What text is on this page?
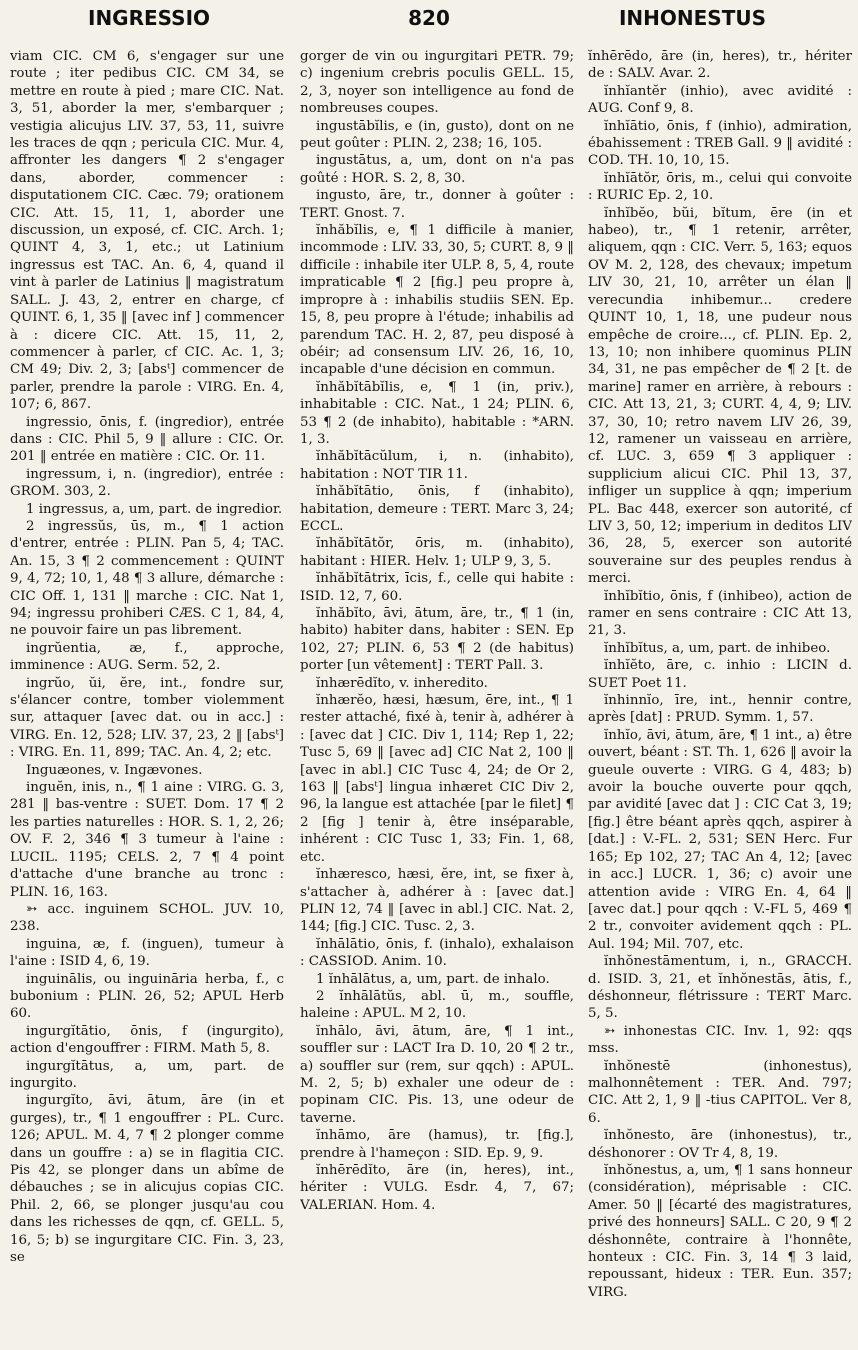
INGRESSIO	820	INHONESTUS

viam CIC. CM 6, s'engager sur une route ; iter pedibus CIC. CM 34, se mettre en route à pied ; mare CIC. Nat. 3, 51, aborder la mer, s'embarquer ; vestigia alicujus LIV. 37, 53, 11, suivre les traces de qqn ; pericula CIC. Mur. 4, affronter les dangers ¶ 2 s'engager dans, aborder, commencer : disputationem CIC. Cæc. 79; orationem CIC. Att. 15, 11, 1, aborder une discussion, un exposé, cf. CIC. Arch. 1; QUINT 4, 3, 1, etc.; ut Latinium ingressus est TAC. An. 6, 4, quand il vint à parler de Latinius ‖ magistratum SALL. J. 43, 2, entrer en charge, cf QUINT. 6, 1, 35 ‖ [avec inf ] commencer à : dicere CIC. Att. 15, 11, 2, commencer à parler, cf CIC. Ac. 1, 3; CM 49; Div. 2, 3; [absᵗ] commencer de parler, prendre la parole : VIRG. En. 4, 107; 6, 867.

ingressio, ōnis, f. (ingredior), entrée dans : CIC. Phil 5, 9 ‖ allure : CIC. Or. 201 ‖ entrée en matière : CIC. Or. 11.

ingressum, i, n. (ingredior), entrée : GROM. 303, 2.

1 ingressus, a, um, part. de ingredior.

2 ingressŭs, ūs, m., ¶ 1 action d'entrer, entrée : PLIN. Pan 5, 4; TAC. An. 15, 3 ¶ 2 commencement : QUINT 9, 4, 72; 10, 1, 48 ¶ 3 allure, démarche : CIC Off. 1, 131 ‖ marche : CIC. Nat 1, 94; ingressu prohiberi CÆS. C 1, 84, 4, ne pouvoir faire un pas librement.

ingrŭentia, æ, f., approche, imminence : AUG. Serm. 52, 2.

ingrŭo, ŭi, ĕre, int., fondre sur, s'élancer contre, tomber violemment sur, attaquer [avec dat. ou in acc.] : VIRG. En. 12, 528; LIV. 37, 23, 2 ‖ [absᵗ] : VIRG. En. 11, 899; TAC. An. 4, 2; etc.

Inguæones, v. Ingævones.

inguĕn, inis, n., ¶ 1 aine : VIRG. G. 3, 281 ‖ bas-ventre : SUET. Dom. 17 ¶ 2 les parties naturelles : HOR. S. 1, 2, 26; OV. F. 2, 346 ¶ 3 tumeur à l'aine : LUCIL. 1195; CELS. 2, 7 ¶ 4 point d'attache d'une branche au tronc : PLIN. 16, 163.

➳ acc. inguinem SCHOL. JUV. 10, 238.

inguina, æ, f. (inguen), tumeur à l'aine : ISID 4, 6, 19.

inguinālis, ou inguināria herba, f., c bubonium : PLIN. 26, 52; APUL Herb 60.

ingurgĭtātio, ōnis, f (ingurgito), action d'engouffrer : FIRM. Math 5, 8.

ingurgĭtātus, a, um, part. de ingurgito.

ingurgĭto, āvi, ātum, āre (in et gurges), tr., ¶ 1 engouffrer : PL. Curc. 126; APUL. M. 4, 7 ¶ 2 plonger comme dans un gouffre : a) se in flagitia CIC. Pis 42, se plonger dans un abîme de débauches ; se in alicujus copias CIC. Phil. 2, 66, se plonger jusqu'au cou dans les richesses de qqn, cf. GELL. 5, 16, 5; b) se ingurgitare CIC. Fin. 3, 23, se

gorger de vin ou ingurgitari PETR. 79; c) ingenium crebris poculis GELL. 15, 2, 3, noyer son intelligence au fond de nombreuses coupes.

ingustābĭlis, e (in, gusto), dont on ne peut goûter : PLIN. 2, 238; 16, 105.

ingustātus, a, um, dont on n'a pas goûté : HOR. S. 2, 8, 30.

ingusto, āre, tr., donner à goûter : TERT. Gnost. 7.

ĭnhăbĭlis, e, ¶ 1 difficile à manier, incommode : LIV. 33, 30, 5; CURT. 8, 9 ‖ difficile : inhabile iter ULP. 8, 5, 4, route impraticable ¶ 2 [fig.] peu propre à, impropre à : inhabilis studiis SEN. Ep. 15, 8, peu propre à l'étude; inhabilis ad parendum TAC. H. 2, 87, peu disposé à obéir; ad consensum LIV. 26, 16, 10, incapable d'une décision en commun.

ĭnhăbĭtābĭlis, e, ¶ 1 (in, priv.), inhabitable : CIC. Nat., 1 24; PLIN. 6, 53 ¶ 2 (de inhabito), habitable : *ARN. 1, 3.

ĭnhăbĭtācŭlum, i, n. (inhabito), habitation : NOT TIR 11.

ĭnhăbĭtātio, ōnis, f (inhabito), habitation, demeure : TERT. Marc 3, 24; ECCL.

ĭnhăbĭtātŏr, ōris, m. (inhabito), habitant : HIER. Helv. 1; ULP 9, 3, 5.

ĭnhăbĭtātrix, īcis, f., celle qui habite : ISID. 12, 7, 60.

ĭnhăbĭto, āvi, ātum, āre, tr., ¶ 1 (in, habito) habiter dans, habiter : SEN. Ep 102, 27; PLIN. 6, 53 ¶ 2 (de habitus) porter [un vêtement] : TERT Pall. 3.

ĭnhærēdĭto, v. inheredito.

ĭnhærĕo, hæsi, hæsum, ēre, int., ¶ 1 rester attaché, fixé à, tenir à, adhérer à : [avec dat ] CIC. Div 1, 114; Rep 1, 22; Tusc 5, 69 ‖ [avec ad] CIC Nat 2, 100 ‖ [avec in abl.] CIC Tusc 4, 24; de Or 2, 163 ‖ [absᵗ] lingua inhæret CIC Div 2, 96, la langue est attachée [par le filet] ¶ 2 [fig ] tenir à, être inséparable, inhérent : CIC Tusc 1, 33; Fin. 1, 68, etc.

ĭnhæresco, hæsi, ĕre, int, se fixer à, s'attacher à, adhérer à : [avec dat.] PLIN 12, 74 ‖ [avec in abl.] CIC. Nat. 2, 144; [fig.] CIC. Tusc. 2, 3.

ĭnhālātio, ōnis, f. (inhalo), exhalaison : CASSIOD. Anim. 10.

1 ĭnhālātus, a, um, part. de inhalo.

2 ĭnhālātŭs, abl. ū, m., souffle, haleine : APUL. M 2, 10.

ĭnhālo, āvi, ātum, āre, ¶ 1 int., souffler sur : LACT Ira D. 10, 20 ¶ 2 tr., a) souffler sur (rem, sur qqch) : APUL. M. 2, 5; b) exhaler une odeur de : popinam CIC. Pis. 13, une odeur de taverne.

ĭnhāmo, āre (hamus), tr. [fig.], prendre à l'hameçon : SID. Ep. 9, 9.

ĭnhērēdĭto, āre (in, heres), int., hériter : VULG. Esdr. 4, 7, 67; VALERIAN. Hom. 4.

ĭnhērēdo, āre (in, heres), tr., hériter de : SALV. Avar. 2.

ĭnhĭantĕr (inhio), avec avidité : AUG. Conf 9, 8.

ĭnhĭātio, ōnis, f (inhio), admiration, ébahissement : TREB Gall. 9 ‖ avidité : COD. TH. 10, 10, 15.

ĭnhĭātŏr, ōris, m., celui qui convoite : RURIC Ep. 2, 10.

ĭnhĭbĕo, bŭi, bĭtum, ēre (in et habeo), tr., ¶ 1 retenir, arrêter, aliquem, qqn : CIC. Verr. 5, 163; equos OV M. 2, 128, des chevaux; impetum LIV 30, 21, 10, arrêter un élan ‖ verecundia inhibemur... credere QUINT 10, 1, 18, une pudeur nous empêche de croire..., cf. PLIN. Ep. 2, 13, 10; non inhibere quominus PLIN 34, 31, ne pas empêcher de ¶ 2 [t. de marine] ramer en arrière, à rebours : CIC. Att 13, 21, 3; CURT. 4, 4, 9; LIV. 37, 30, 10; retro navem LIV 26, 39, 12, ramener un vaisseau en arrière, cf. LUC. 3, 659 ¶ 3 appliquer : supplicium alicui CIC. Phil 13, 37, infliger un supplice à qqn; imperium PL. Bac 448, exercer son autorité, cf LIV 3, 50, 12; imperium in deditos LIV 36, 28, 5, exercer son autorité souveraine sur des peuples rendus à merci.

ĭnhĭbĭtio, ōnis, f (inhibeo), action de ramer en sens contraire : CIC Att 13, 21, 3.

ĭnhĭbĭtus, a, um, part. de inhibeo.

ĭnhĭĕto, āre, c. inhio : LICIN d. SUET Poet 11.

ĭnhinnĭo, īre, int., hennir contre, après [dat] : PRUD. Symm. 1, 57.

ĭnhĭo, āvi, ātum, āre, ¶ 1 int., a) être ouvert, béant : ST. Th. 1, 626 ‖ avoir la gueule ouverte : VIRG. G 4, 483; b) avoir la bouche ouverte pour qqch, par avidité [avec dat ] : CIC Cat 3, 19; [fig.] être béant après qqch, aspirer à [dat.] : V.-FL. 2, 531; SEN Herc. Fur 165; Ep 102, 27; TAC An 4, 12; [avec in acc.] LUCR. 1, 36; c) avoir une attention avide : VIRG En. 4, 64 ‖ [avec dat.] pour qqch : V.-FL 5, 469 ¶ 2 tr., convoiter avidement qqch : PL. Aul. 194; Mil. 707, etc.

ĭnhŏnestāmentum, i, n., GRACCH. d. ISID. 3, 21, et ĭnhŏnestās, ātis, f., déshonneur, flétrissure : TERT Marc. 5, 5.

➳ inhonestas CIC. Inv. 1, 92: qqs mss.

ĭnhŏnestē (inhonestus), malhonnêtement : TER. And. 797; CIC. Att 2, 1, 9 ‖ -tius CAPITOL. Ver 8, 6.

ĭnhŏnesto, āre (inhonestus), tr., déshonorer : OV Tr 4, 8, 19.

ĭnhŏnestus, a, um, ¶ 1 sans honneur (considération), méprisable : CIC. Amer. 50 ‖ [écarté des magistratures, privé des honneurs] SALL. C 20, 9 ¶ 2 déshonnête, contraire à l'honnête, honteux : CIC. Fin. 3, 14 ¶ 3 laid, repoussant, hideux : TER. Eun. 357; VIRG.
